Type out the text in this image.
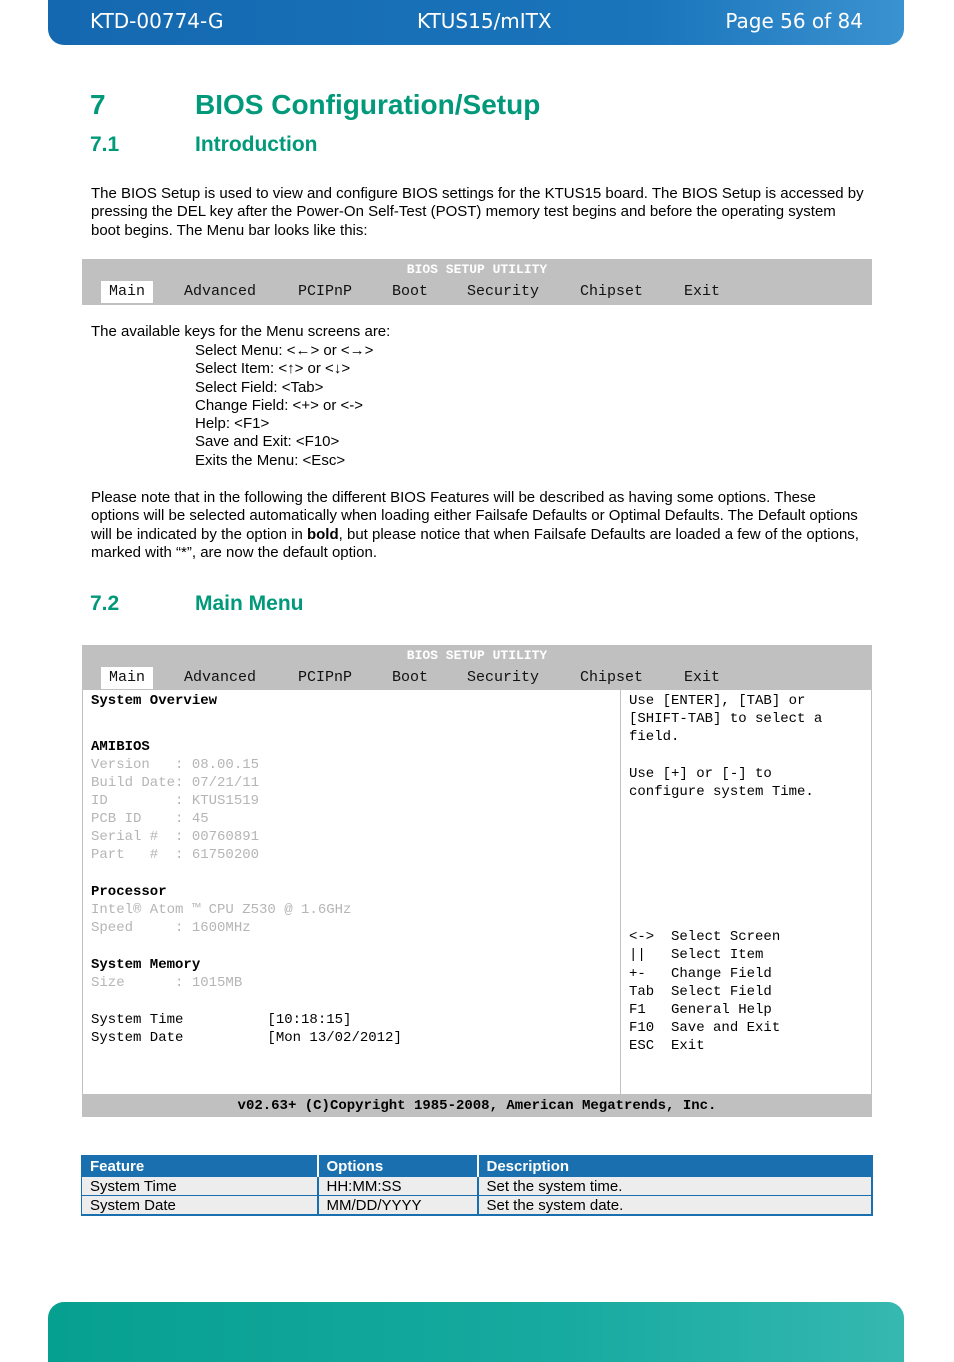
KTD-00774-G	KTUS15/mITX	Page 56 of 84
7	BIOS Configuration/Setup
7.1	Introduction
The BIOS Setup is used to view and configure BIOS settings for the KTUS15 board. The BIOS Setup is accessed by pressing the DEL key after the Power-On Self-Test (POST) memory test begins and before the operating system boot begins. The Menu bar looks like this:
BIOS SETUP UTILITY
Main	Advanced	PCIPnP	Boot	Security	Chipset	Exit
The available keys for the Menu screens are:
Select Menu: <←> or <→>
Select Item: <↑> or <↓>
Select Field: <Tab>
Change Field: <+> or <->
Help: <F1>
Save and Exit: <F10>
Exits the Menu: <Esc>
Please note that in the following the different BIOS Features will be described as having some options. These options will be selected automatically when loading either Failsafe Defaults or Optimal Defaults. The Default options will be indicated by the option in bold, but please notice that when Failsafe Defaults are loaded a few of the options, marked with “*”, are now the default option.
7.2	Main Menu
BIOS SETUP UTILITY
Main	Advanced	PCIPnP	Boot	Security	Chipset	Exit
System Overview
AMIBIOS
Version   : 08.00.15
Build Date: 07/21/11
ID        : KTUS1519
PCB ID    : 45
Serial #  : 00760891
Part   #  : 61750200
Processor
Intel® Atom ™ CPU Z530 @ 1.6GHz
Speed     : 1600MHz
System Memory
Size      : 1015MB
System Time          [10:18:15]
System Date          [Mon 13/02/2012]
Use [ENTER], [TAB] or
[SHIFT-TAB] to select a
field.
Use [+] or [-] to
configure system Time.
<->  Select Screen
||   Select Item
+-   Change Field
Tab  Select Field
F1   General Help
F10  Save and Exit
ESC  Exit
v02.63+ (C)Copyright 1985-2008, American Megatrends, Inc.
Feature	Options	Description
System Time	HH:MM:SS	Set the system time.
System Date	MM/DD/YYYY	Set the system date.
